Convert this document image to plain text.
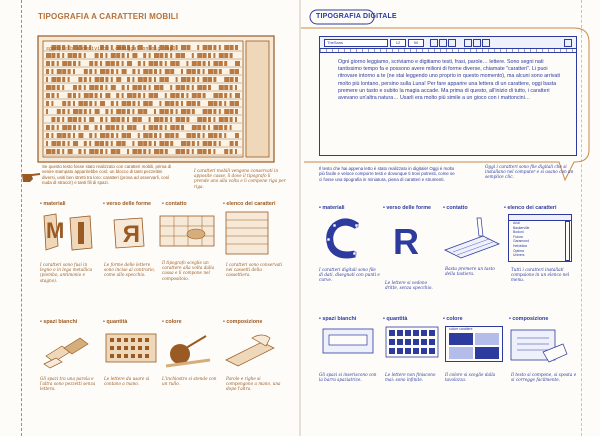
TIPOGRAFIA A CARATTERI MOBILI
ƨϱϱoʇiƨib ɘ omɒivirɔƨ ,omɒiɡɡɘl onɿoiɡ inϱO
Se questo testo fosse stato realizzato con caratteri mobili, prima di venire stampato apparirebbe così: un blocco di tanti pezzettini diversi, uniti ben stretti tra loro: caratteri (prova ad osservarli, così nuda di stracci!) e tanti fili di spazi.
I caratteri mobili vengono conservati in apposite casse, lì dove il tipografo li prende uno alla volta e li compone riga per riga.
• materiali	• verso delle forme • contatto	• elenco dei caratteri
M R
I caratteri sono fusi in legno o in lega metallica (piombo, antimonio e stagno).
Le forme delle lettere sono incise al contrario, come allo specchio.
Il tipografo sceglie un carattere alla volta dalla cassa e li compone nel compositoio.
I caratteri sono conservati nei cassetti della cassettiera.
• spazi bianchi	• quantità	• colore	• composizione
Gli spazi tra una parola e l'altra sono pezzetti senza lettera.
Le lettere da usare si contano a mano.
L'inchiostro si stende con un rullo.
Parole e righe si compongono a mano, una dopo l'altra.
TIPOGRAFIA DIGITALE
TheSans	12	50
Ogni giorno leggiamo, scriviamo e digitiamo testi, frasi, parole… lettere. Sono segni nati tantissimo tempo fa e possono avere milioni di forme diverse, chiamate "caratteri". Li puoi ritrovare intorno a te (ne stai leggendo uno proprio in questo momento), ma alcuni sono arrivati molto più lontano, persino sulla Luna! Per fare apparire una lettera di un carattere, oggi basta premere un tasto e subito la magia accade. Ma prima di questo, all'inizio di tutto, i caratteri avevano un'altra natura… Usarli era molto più simile a un gioco con i mattoncini…
Il testo che hai appena letto è stato realizzato in digitale! Oggi è molto più facile e veloce comporre testi e dovunque ti trovi potresti, come se ci fosse una tipografia in miniatura, piena di caratteri e strumenti.
Oggi i caratteri sono file digitali che si installano nel computer e si usano con un semplice clic.
• materiali	• verso delle forme • contatto	• elenco dei caratteri
R	Arial
Baskerville
Bodoni
Futura
Garamond
Helvetica
Optima
Univers
I caratteri digitali sono file di dati, disegnati con punti e curve.
Le lettere si vedono dritte, senza specchio.
Basta premere un tasto della tastiera.
Tutti i caratteri installati compaiono in un elenco nel menu.
• spazi bianchi	• quantità	• colore	• composizione
colore carattere
Gli spazi si inseriscono con la barra spaziatrice.
Le lettere non finiscono mai: sono infinite.
Il colore si sceglie dalla tavolozza.
Il testo si compone, si sposta e si corregge facilmente.
